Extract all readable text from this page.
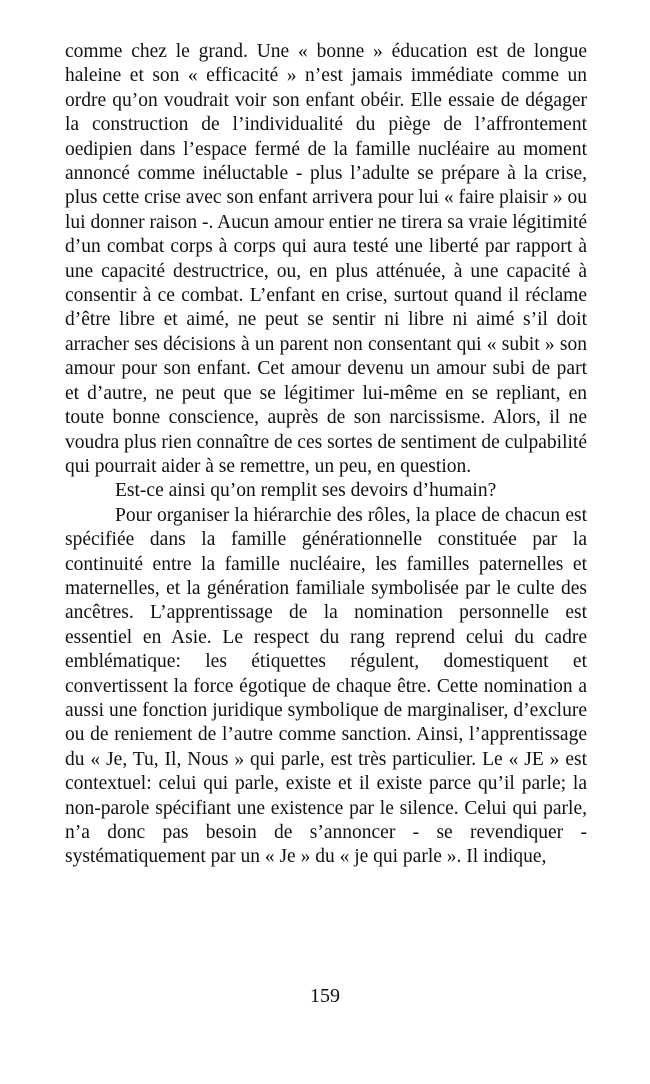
comme chez le grand. Une « bonne » éducation est de longue haleine et son « efficacité » n’est jamais immédiate comme un ordre qu’on voudrait voir son enfant obéir. Elle essaie de dégager la construction de l’individualité du piège de l’affrontement oedipien dans l’espace fermé de la famille nucléaire au moment annoncé comme inéluctable - plus l’adulte se prépare à la crise, plus cette crise avec son enfant arrivera pour lui « faire plaisir » ou lui donner raison -. Aucun amour entier ne tirera sa vraie légitimité d’un combat corps à corps qui aura testé une liberté par rapport à une capacité destructrice, ou, en plus atténuée, à une capacité à consentir à ce combat. L’enfant en crise, surtout quand il réclame d’être libre et aimé, ne peut se sentir ni libre ni aimé s’il doit arracher ses décisions à un parent non consentant qui « subit » son amour pour son enfant. Cet amour devenu un amour subi de part et d’autre, ne peut que se légitimer lui-même en se repliant, en toute bonne conscience, auprès de son narcissisme. Alors, il ne voudra plus rien connaître de ces sortes de sentiment de culpabilité qui pourrait aider à se remettre, un peu, en question.

Est-ce ainsi qu’on remplit ses devoirs d’humain?

Pour organiser la hiérarchie des rôles, la place de chacun est spécifiée dans la famille générationnelle constituée par la continuité entre la famille nucléaire, les familles paternelles et maternelles, et la génération familiale symbolisée par le culte des ancêtres. L’apprentissage de la nomination personnelle est essentiel en Asie. Le respect du rang reprend celui du cadre emblématique: les étiquettes régulent, domestiquent et convertissent la force égotique de chaque être. Cette nomination a aussi une fonction juridique symbolique de marginaliser, d’exclure ou de reniement de l’autre comme sanction. Ainsi, l’apprentissage du « Je, Tu, Il, Nous » qui parle, est très particulier. Le « JE » est contextuel: celui qui parle, existe et il existe parce qu’il parle; la non-parole spécifiant une existence par le silence. Celui qui parle, n’a donc pas besoin de s’annoncer - se revendiquer - systématiquement par un « Je » du « je qui parle ». Il indique,

159
